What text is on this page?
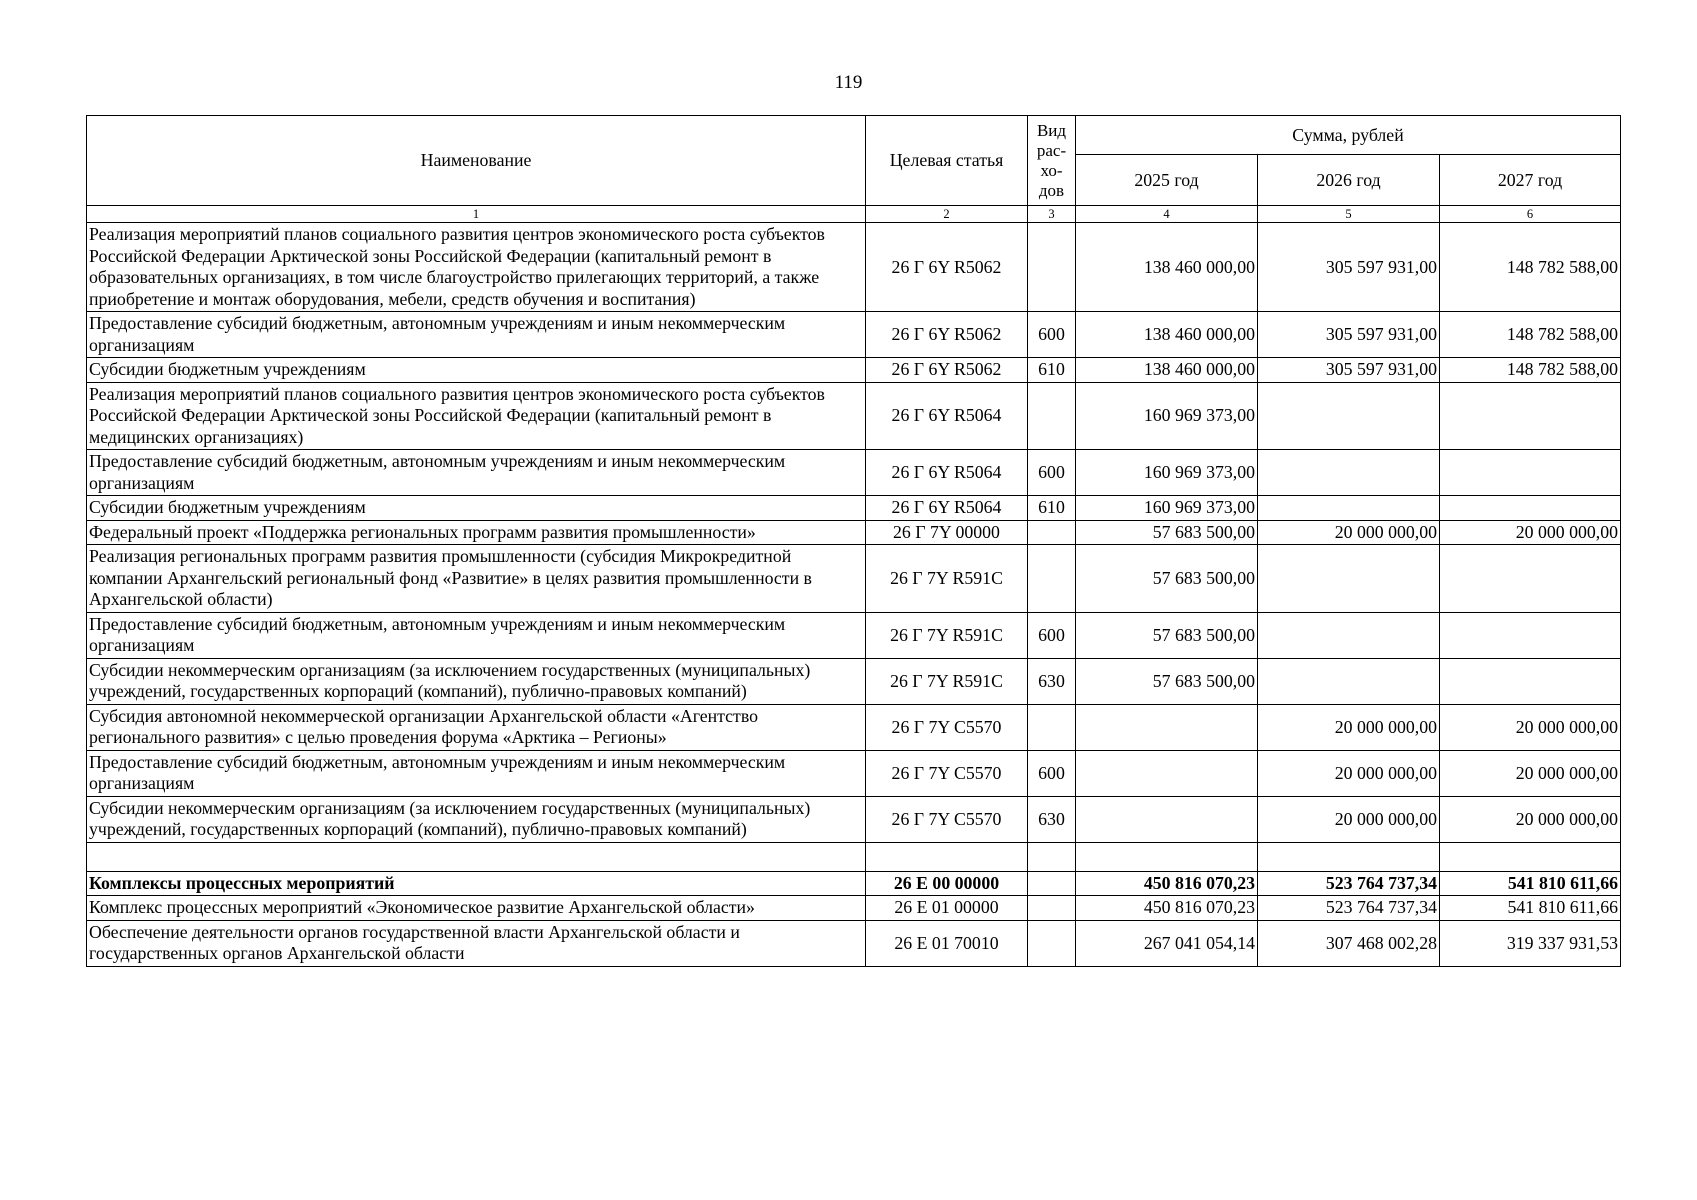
119
Наименование	Целевая статья	Вид рас-хо-дов	Сумма, рублей		
			2025 год	2026 год	2027 год
1	2	3	4	5	6
Реализация мероприятий планов социального развития центров экономического роста субъектов Российской Федерации Арктической зоны Российской Федерации (капитальный ремонт в образовательных организациях, в том числе благоустройство прилегающих территорий, а также приобретение и монтаж оборудования, мебели, средств обучения и воспитания)	26 Г 6Y R5062		138 460 000,00	305 597 931,00	148 782 588,00
Предоставление субсидий бюджетным, автономным учреждениям и иным некоммерческим организациям	26 Г 6Y R5062	600	138 460 000,00	305 597 931,00	148 782 588,00
Субсидии бюджетным учреждениям	26 Г 6Y R5062	610	138 460 000,00	305 597 931,00	148 782 588,00
Реализация мероприятий планов социального развития центров экономического роста субъектов Российской Федерации Арктической зоны Российской Федерации (капитальный ремонт в медицинских организациях)	26 Г 6Y R5064		160 969 373,00		
Предоставление субсидий бюджетным, автономным учреждениям и иным некоммерческим организациям	26 Г 6Y R5064	600	160 969 373,00		
Субсидии бюджетным учреждениям	26 Г 6Y R5064	610	160 969 373,00		
Федеральный проект «Поддержка региональных программ развития промышленности»	26 Г 7Y 00000		57 683 500,00	20 000 000,00	20 000 000,00
Реализация региональных программ развития промышленности (субсидия Микрокредитной компании Архангельский региональный фонд «Развитие» в целях развития промышленности в Архангельской области)	26 Г 7Y R591C		57 683 500,00		
Предоставление субсидий бюджетным, автономным учреждениям и иным некоммерческим организациям	26 Г 7Y R591C	600	57 683 500,00		
Субсидии некоммерческим организациям (за исключением государственных (муниципальных) учреждений, государственных корпораций (компаний), публично-правовых компаний)	26 Г 7Y R591C	630	57 683 500,00		
Субсидия автономной некоммерческой организации Архангельской области «Агентство регионального развития» с целью проведения форума «Арктика – Регионы»	26 Г 7Y С5570			20 000 000,00	20 000 000,00
Предоставление субсидий бюджетным, автономным учреждениям и иным некоммерческим организациям	26 Г 7Y С5570	600		20 000 000,00	20 000 000,00
Субсидии некоммерческим организациям (за исключением государственных (муниципальных) учреждений, государственных корпораций (компаний), публично-правовых компаний)	26 Г 7Y С5570	630		20 000 000,00	20 000 000,00

Комплексы процессных мероприятий	26 Е 00 00000		450 816 070,23	523 764 737,34	541 810 611,66
Комплекс процессных мероприятий «Экономическое развитие Архангельской области»	26 Е 01 00000		450 816 070,23	523 764 737,34	541 810 611,66
Обеспечение деятельности органов государственной власти Архангельской области и государственных органов Архангельской области	26 Е 01 70010		267 041 054,14	307 468 002,28	319 337 931,53
